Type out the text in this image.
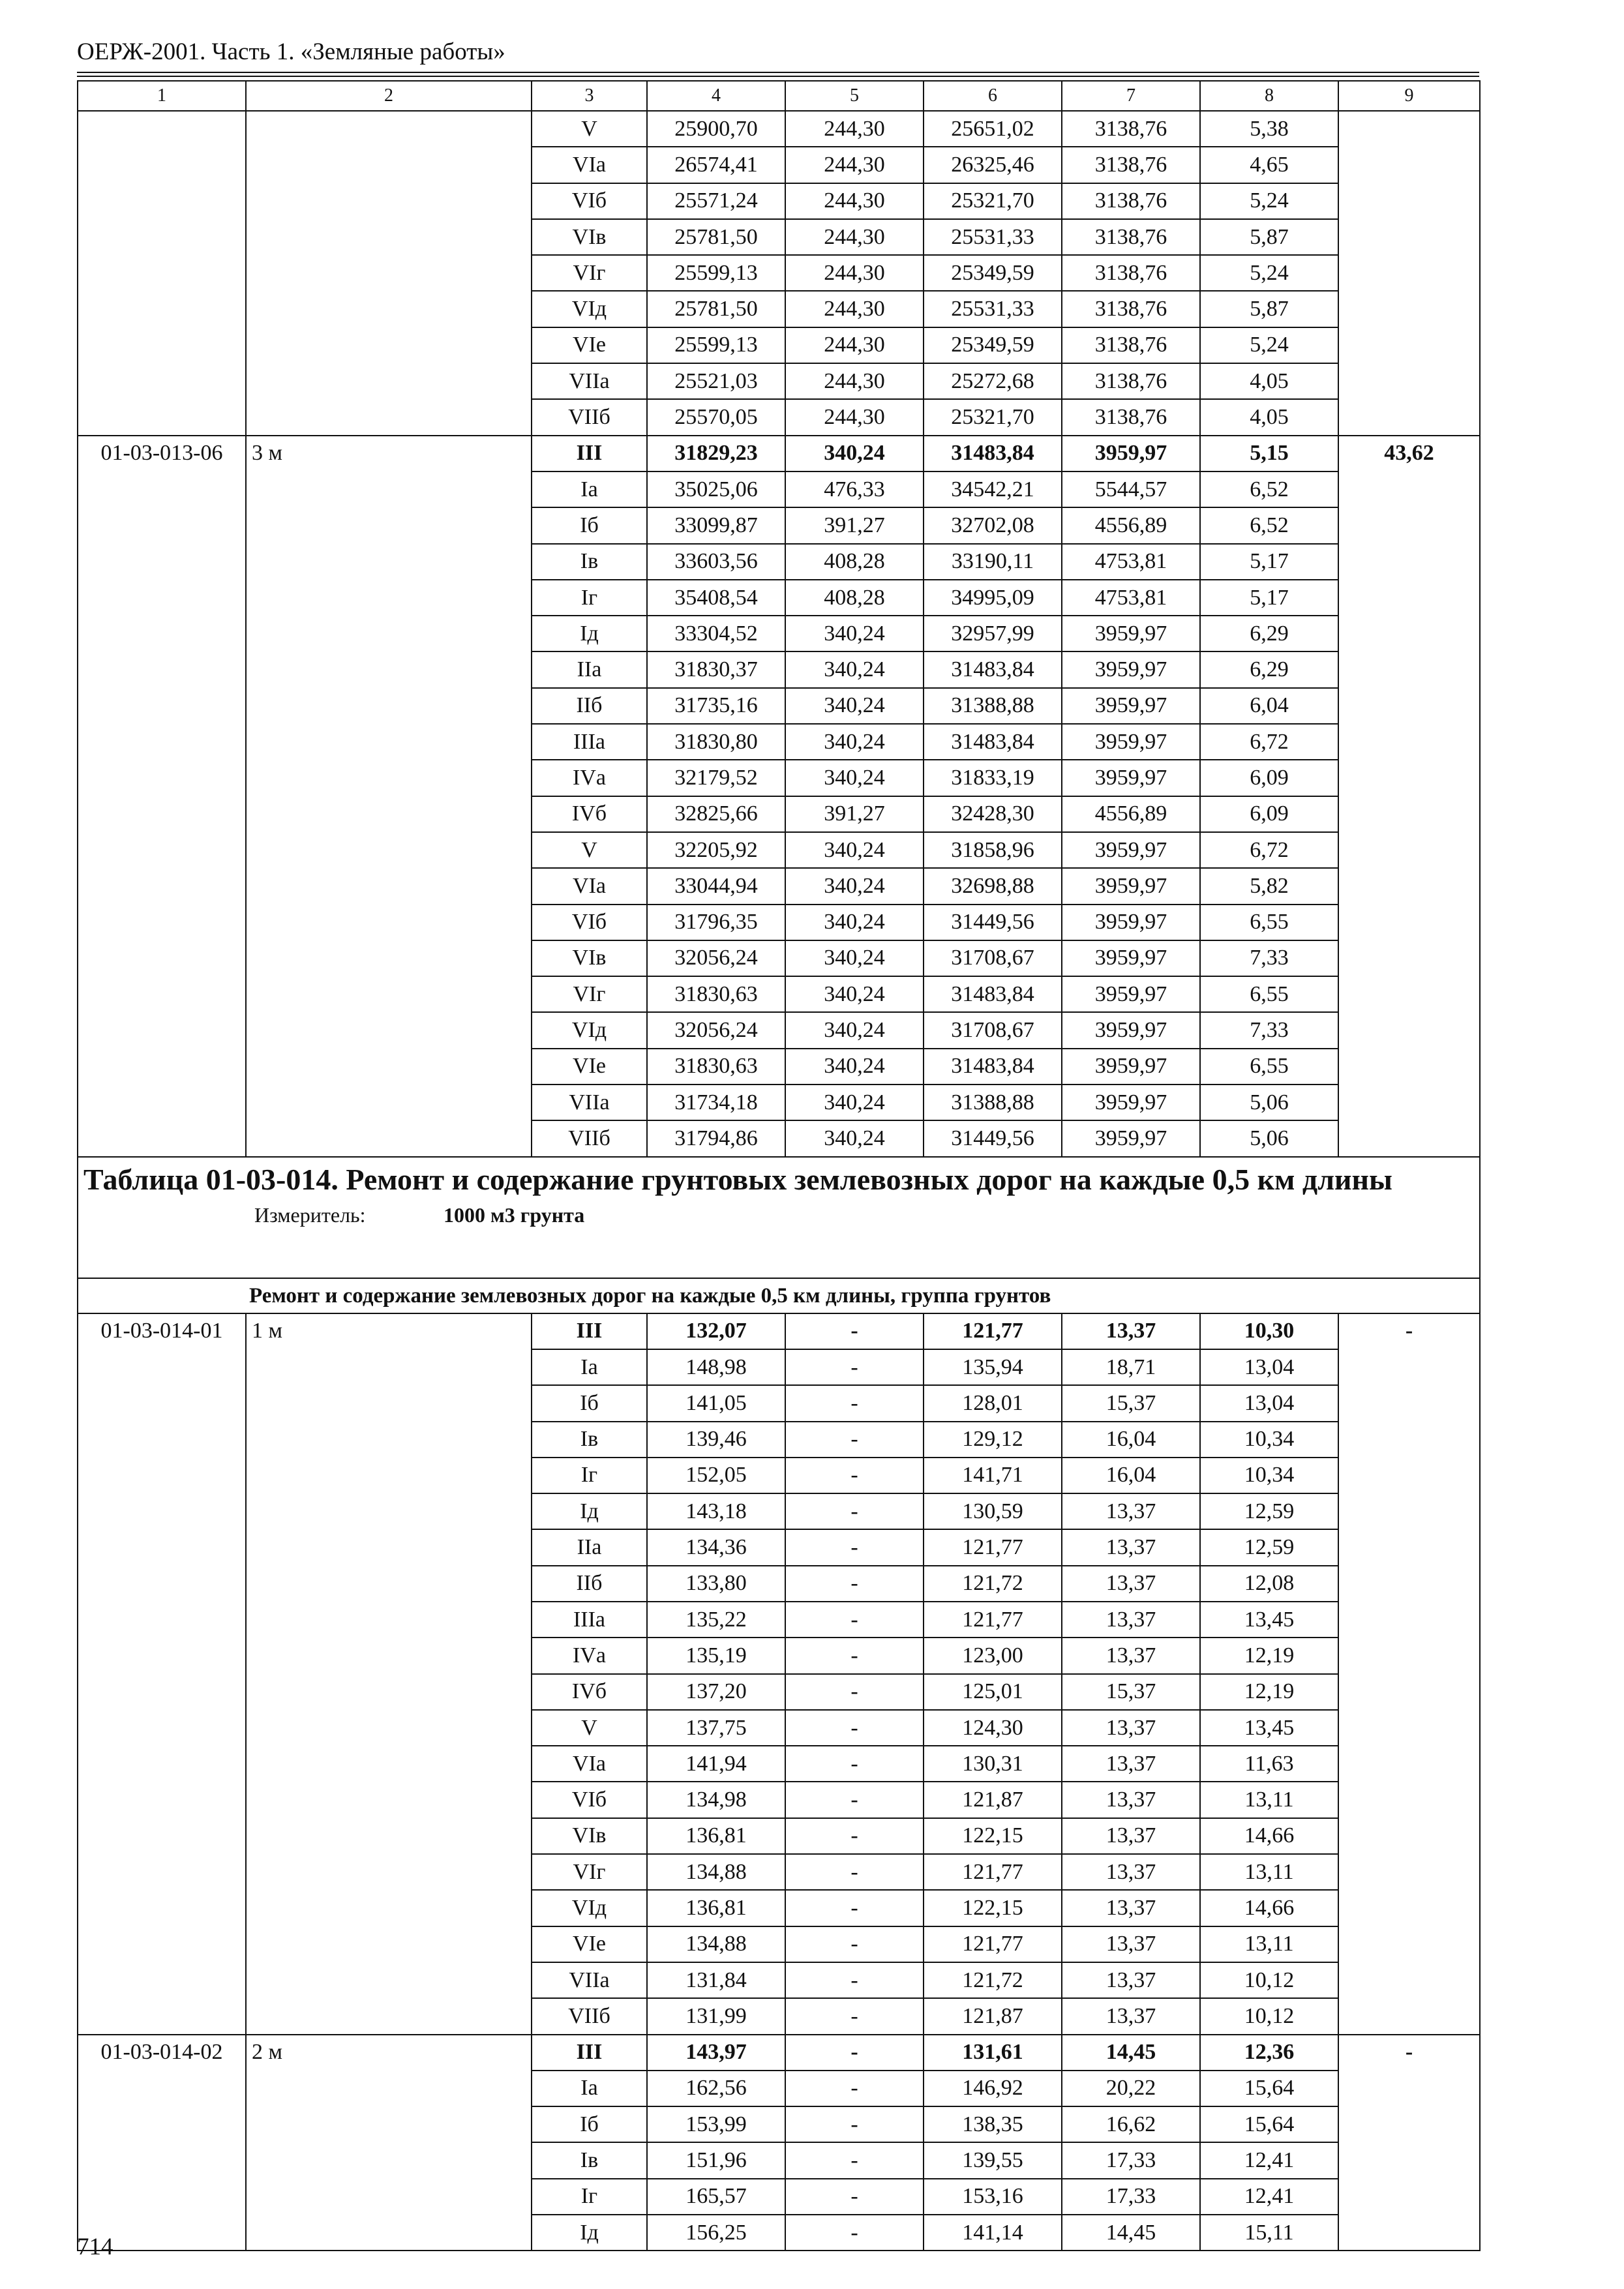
ОЕРЖ-2001. Часть 1. «Земляные работы»
1	2	3	4	5	6	7	8	9
		V	25900,70	244,30	25651,02	3138,76	5,38	
		VIа	26574,41	244,30	26325,46	3138,76	4,65	
		VIб	25571,24	244,30	25321,70	3138,76	5,24	
		VIв	25781,50	244,30	25531,33	3138,76	5,87	
		VIг	25599,13	244,30	25349,59	3138,76	5,24	
		VIд	25781,50	244,30	25531,33	3138,76	5,87	
		VIе	25599,13	244,30	25349,59	3138,76	5,24	
		VIIа	25521,03	244,30	25272,68	3138,76	4,05	
		VIIб	25570,05	244,30	25321,70	3138,76	4,05	
01-03-013-06	3 м	III	31829,23	340,24	31483,84	3959,97	5,15	43,62
		Iа	35025,06	476,33	34542,21	5544,57	6,52	
		Iб	33099,87	391,27	32702,08	4556,89	6,52	
		Iв	33603,56	408,28	33190,11	4753,81	5,17	
		Iг	35408,54	408,28	34995,09	4753,81	5,17	
		Iд	33304,52	340,24	32957,99	3959,97	6,29	
		IIа	31830,37	340,24	31483,84	3959,97	6,29	
		IIб	31735,16	340,24	31388,88	3959,97	6,04	
		IIIа	31830,80	340,24	31483,84	3959,97	6,72	
		IVа	32179,52	340,24	31833,19	3959,97	6,09	
		IVб	32825,66	391,27	32428,30	4556,89	6,09	
		V	32205,92	340,24	31858,96	3959,97	6,72	
		VIа	33044,94	340,24	32698,88	3959,97	5,82	
		VIб	31796,35	340,24	31449,56	3959,97	6,55	
		VIв	32056,24	340,24	31708,67	3959,97	7,33	
		VIг	31830,63	340,24	31483,84	3959,97	6,55	
		VIд	32056,24	340,24	31708,67	3959,97	7,33	
		VIе	31830,63	340,24	31483,84	3959,97	6,55	
		VIIа	31734,18	340,24	31388,88	3959,97	5,06	
		VIIб	31794,86	340,24	31449,56	3959,97	5,06	

Таблица 01-03-014. Ремонт и содержание грунтовых землевозных дорог на каждые 0,5 км длины
Измеритель: 1000 м3 грунта								

Ремонт и содержание землевозных дорог на каждые 0,5 км длины, группа грунтов								
01-03-014-01	1 м	III	132,07	-	121,77	13,37	10,30	-
		Iа	148,98	-	135,94	18,71	13,04	
		Iб	141,05	-	128,01	15,37	13,04	
		Iв	139,46	-	129,12	16,04	10,34	
		Iг	152,05	-	141,71	16,04	10,34	
		Iд	143,18	-	130,59	13,37	12,59	
		IIа	134,36	-	121,77	13,37	12,59	
		IIб	133,80	-	121,72	13,37	12,08	
		IIIа	135,22	-	121,77	13,37	13,45	
		IVа	135,19	-	123,00	13,37	12,19	
		IVб	137,20	-	125,01	15,37	12,19	
		V	137,75	-	124,30	13,37	13,45	
		VIа	141,94	-	130,31	13,37	11,63	
		VIб	134,98	-	121,87	13,37	13,11	
		VIв	136,81	-	122,15	13,37	14,66	
		VIг	134,88	-	121,77	13,37	13,11	
		VIд	136,81	-	122,15	13,37	14,66	
		VIе	134,88	-	121,77	13,37	13,11	
		VIIа	131,84	-	121,72	13,37	10,12	
		VIIб	131,99	-	121,87	13,37	10,12	
01-03-014-02	2 м	III	143,97	-	131,61	14,45	12,36	-
		Iа	162,56	-	146,92	20,22	15,64	
		Iб	153,99	-	138,35	16,62	15,64	
		Iв	151,96	-	139,55	17,33	12,41	
		Iг	165,57	-	153,16	17,33	12,41	
		Iд	156,25	-	141,14	14,45	15,11	
714
